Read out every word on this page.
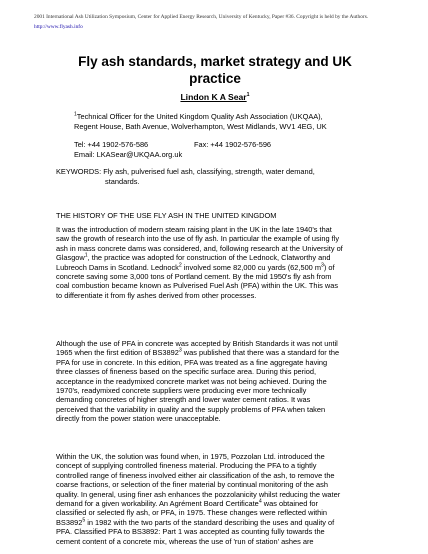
2001 International Ash Utilization Symposium, Center for Applied Energy Research, University of Kentucky, Paper #36. Copyright is held by the Authors.
http://www.flyash.info
Fly ash standards, market strategy and UK
practice
Lindon K A Sear$^1$
$^1$Technical Officer for the United Kingdom Quality Ash Association (UKQAA),
Regent House, Bath Avenue, Wolverhampton, West Midlands, WV1 4EG, UK
Tel: +44 1902-576-586	Fax: +44 1902-576-596
Email: LKASear@UKQAA.org.uk
KEYWORDS: Fly ash, pulverised fuel ash, classifying, strength, water demand,
standards.
THE HISTORY OF THE USE FLY ASH IN THE UNITED KINGDOM
It was the introduction of modern steam raising plant in the UK in the late 1940's that
saw the growth of research into the use of fly ash. In particular the example of using fly
ash in mass concrete dams was considered, and, following research at the University of
Glasgow$^1$, the practice was adopted for construction of the Lednock, Clatworthy and
Lubreoch Dams in Scotland. Lednock$^2$ involved some 82,000 cu yards (62,500 $m^3$) of
concrete saving some 3,000 tons of Portland cement. By the mid 1950's fly ash from
coal combustion became known as Pulverised Fuel Ash (PFA) within the UK. This was
to differentiate it from fly ashes derived from other processes.
Although the use of PFA in concrete was accepted by British Standards it was not until
1965 when the first edition of BS3892$^3$ was published that there was a standard for the
PFA for use in concrete. In this edition, PFA was treated as a fine aggregate having
three classes of fineness based on the specific surface area. During this period,
acceptance in the readymixed concrete market was not being achieved. During the
1970's, readymixed concrete suppliers were producing ever more technically
demanding concretes of higher strength and lower water cement ratios. It was
perceived that the variability in quality and the supply problems of PFA when taken
directly from the power station were unacceptable.
Within the UK, the solution was found when, in 1975, Pozzolan Ltd. introduced the
concept of supplying controlled fineness material. Producing the PFA to a tightly
controlled range of fineness involved either air classification of the ash, to remove the
coarse fractions, or selection of the finer material by continual monitoring of the ash
quality. In general, using finer ash enhances the pozzolanicity whilst reducing the water
demand for a given workability. An Agrément Board Certificate$^4$ was obtained for
classified or selected fly ash, or PFA, in 1975. These changes were reflected within
BS3892$^5$ in 1982 with the two parts of the standard describing the uses and quality of
PFA. Classified PFA to BS3892: Part 1 was accepted as counting fully towards the
cement content of a concrete mix, whereas the use of 'run of station' ashes are
